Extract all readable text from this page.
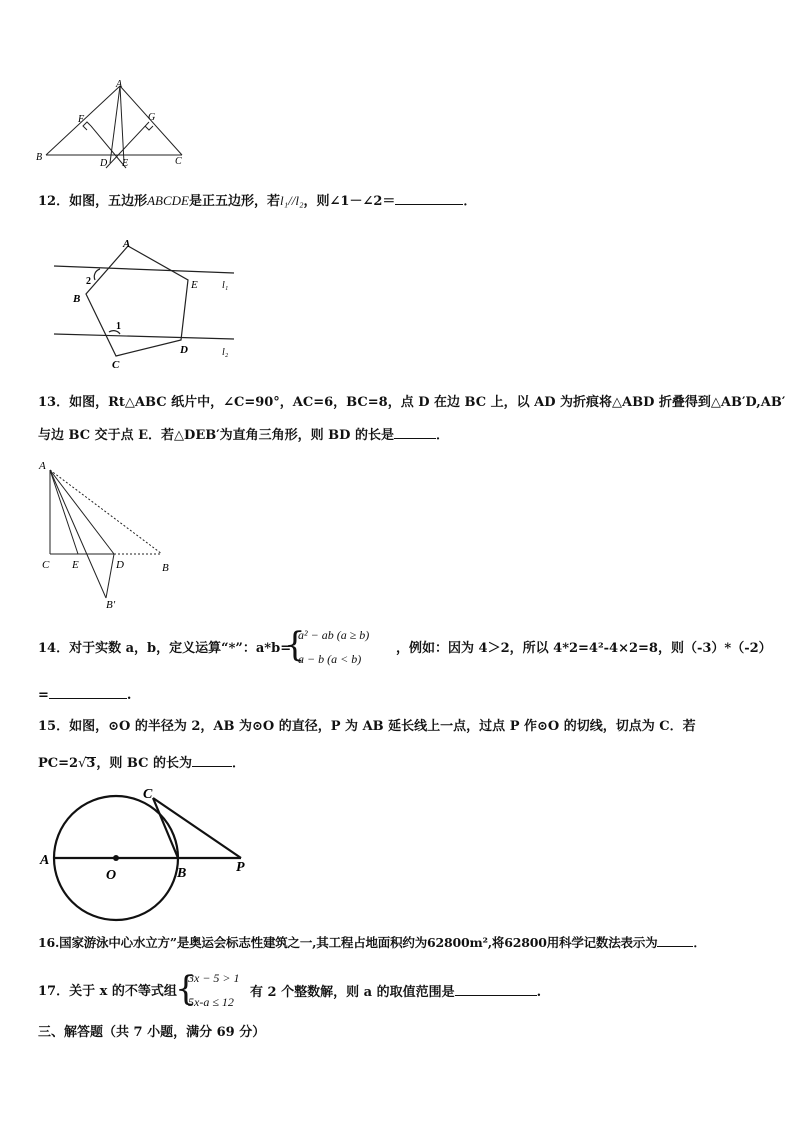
A
B	C
D E
F	G
12．如图，五边形ABCDE是正五边形，若l₁//l₂，则∠1－∠2＝	．
A
B
C
D
E
1
2	l₁
l₂
13．如图，Rt△ABC 纸片中，∠C=90°，AC=6，BC=8，点 D 在边 BC 上，以 AD 为折痕将△ABD 折叠得到△AB′D,AB′
与边 BC 交于点 E．若△DEB′为直角三角形，则 BD 的长是	．
A
C E	D	B
B′
14．对于实数 a，b，定义运算“*”：a*b=
{
a² − ab (a ≥ b)
a − b (a < b)
，例如：因为 4＞2，所以 4*2=4²-4×2=8，则（-3）*（-2）
=	.
15．如图，⊙O 的半径为 2，AB 为⊙O 的直径，P 为 AB 延长线上一点，过点 P 作⊙O 的切线，切点为 C．若
PC=2√3，则 BC 的长为	．
A
O	B
C
P
16.国家游泳中心水立方”是奥运会标志性建筑之一,其工程占地面积约为62800m²,将62800用科学记数法表示为	．
17．关于 x 的不等式组
{
3x − 5 > 1
5x-a ≤ 12
有 2 个整数解，则 a 的取值范围是	.
三、解答题（共 7 小题，满分 69 分）
